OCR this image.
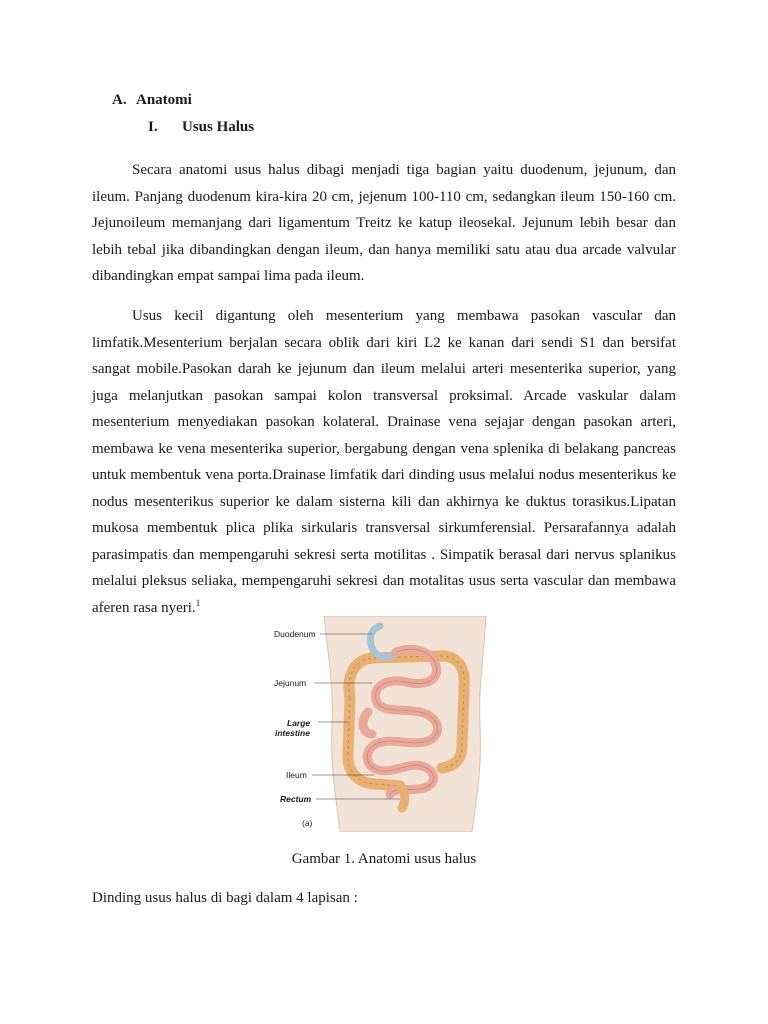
A. Anatomi
I. Usus Halus

Secara anatomi usus halus dibagi menjadi tiga bagian yaitu duodenum, jejunum, dan ileum. Panjang duodenum kira-kira 20 cm, jejenum 100-110 cm, sedangkan ileum 150-160 cm. Jejunoileum memanjang dari ligamentum Treitz ke katup ileosekal. Jejunum lebih besar dan lebih tebal jika dibandingkan dengan ileum, dan hanya memiliki satu atau dua arcade valvular dibandingkan empat sampai lima pada ileum.

Usus kecil digantung oleh mesenterium yang membawa pasokan vascular dan limfatik.Mesenterium berjalan secara oblik dari kiri L2 ke kanan dari sendi S1 dan bersifat sangat mobile.Pasokan darah ke jejunum dan ileum melalui arteri mesenterika superior, yang juga melanjutkan pasokan sampai kolon transversal proksimal. Arcade vaskular dalam mesenterium menyediakan pasokan kolateral. Drainase vena sejajar dengan pasokan arteri, membawa ke vena mesenterika superior, bergabung dengan vena splenika di belakang pancreas untuk membentuk vena porta.Drainase limfatik dari dinding usus melalui nodus mesenterikus ke nodus mesenterikus superior ke dalam sisterna kili dan akhirnya ke duktus torasikus.Lipatan mukosa membentuk plica plika sirkularis transversal sirkumferensial. Persarafannya adalah parasimpatis dan mempengaruhi sekresi serta motilitas . Simpatik berasal dari nervus splanikus melalui pleksus seliaka, mempengaruhi sekresi dan motalitas usus serta vascular dan membawa aferen rasa nyeri.$^1$

Duodenum
Jejunum
Large
intestine
Ileum
Rectum
(a)
Gambar 1. Anatomi usus halus
Dinding usus halus di bagi dalam 4 lapisan :
